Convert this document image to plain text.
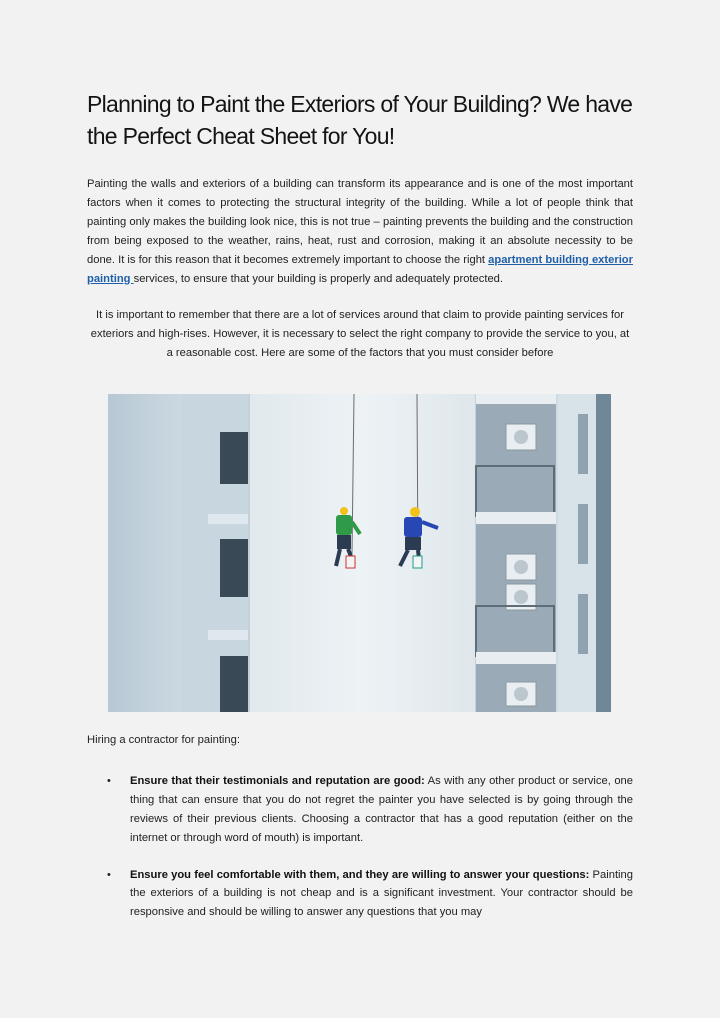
Planning to Paint the Exteriors of Your Building? We have the Perfect Cheat Sheet for You!

Painting the walls and exteriors of a building can transform its appearance and is one of the most important factors when it comes to protecting the structural integrity of the building. While a lot of people think that painting only makes the building look nice, this is not true – painting prevents the building and the construction from being exposed to the weather, rains, heat, rust and corrosion, making it an absolute necessity to be done. It is for this reason that it becomes extremely important to choose the right apartment building exterior painting services, to ensure that your building is properly and adequately protected.

It is important to remember that there are a lot of services around that claim to provide painting services for exteriors and high-rises. However, it is necessary to select the right company to provide the service to you, at a reasonable cost. Here are some of the factors that you must consider before

Hiring a contractor for painting:

• Ensure that their testimonials and reputation are good: As with any other product or service, one thing that can ensure that you do not regret the painter you have selected is by going through the reviews of their previous clients. Choosing a contractor that has a good reputation (either on the internet or through word of mouth) is important.
• Ensure you feel comfortable with them, and they are willing to answer your questions: Painting the exteriors of a building is not cheap and is a significant investment. Your contractor should be responsive and should be willing to answer any questions that you may
